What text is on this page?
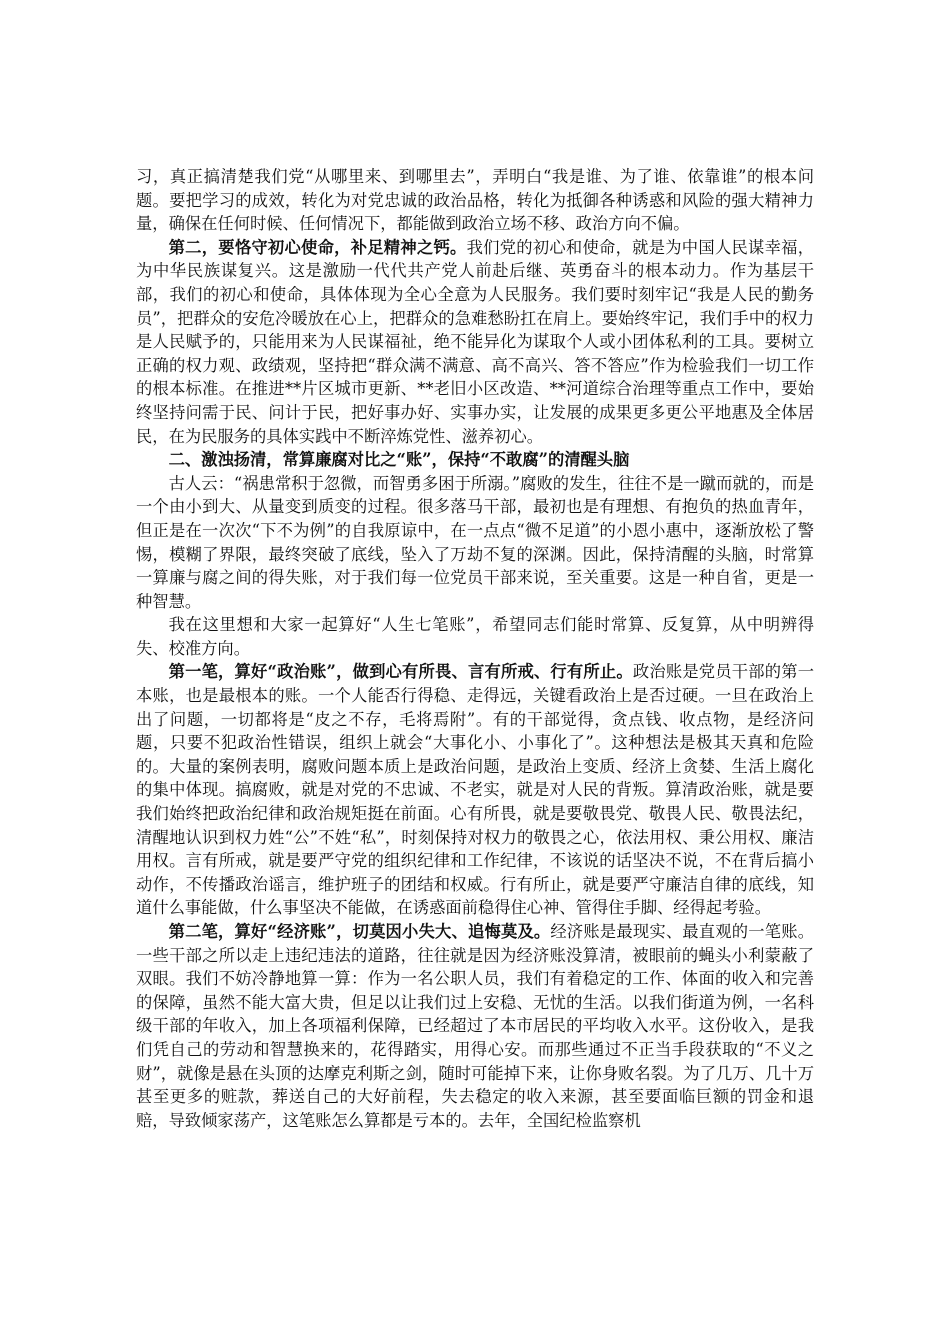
习，真正搞清楚我们党“从哪里来、到哪里去”，弄明白“我是谁、为了谁、依靠谁”的根本问题。要把学习的成效，转化为对党忠诚的政治品格，转化为抵御各种诱惑和风险的强大精神力量，确保在任何时候、任何情况下，都能做到政治立场不移、政治方向不偏。

第二，要恪守初心使命，补足精神之钙。我们党的初心和使命，就是为中国人民谋幸福，为中华民族谋复兴。这是激励一代代共产党人前赴后继、英勇奋斗的根本动力。作为基层干部，我们的初心和使命，具体体现为全心全意为人民服务。我们要时刻牢记“我是人民的勤务员”，把群众的安危冷暖放在心上，把群众的急难愁盼扛在肩上。要始终牢记，我们手中的权力是人民赋予的，只能用来为人民谋福祉，绝不能异化为谋取个人或小团体私利的工具。要树立正确的权力观、政绩观，坚持把“群众满不满意、高不高兴、答不答应”作为检验我们一切工作的根本标准。在推进**片区城市更新、**老旧小区改造、**河道综合治理等重点工作中，要始终坚持问需于民、问计于民，把好事办好、实事办实，让发展的成果更多更公平地惠及全体居民，在为民服务的具体实践中不断淬炼党性、滋养初心。

二、激浊扬清，常算廉腐对比之“账”，保持“不敢腐”的清醒头脑

古人云：“祸患常积于忽微，而智勇多困于所溺。”腐败的发生，往往不是一蹴而就的，而是一个由小到大、从量变到质变的过程。很多落马干部，最初也是有理想、有抱负的热血青年，但正是在一次次“下不为例”的自我原谅中，在一点点“微不足道”的小恩小惠中，逐渐放松了警惕，模糊了界限，最终突破了底线，坠入了万劫不复的深渊。因此，保持清醒的头脑，时常算一算廉与腐之间的得失账，对于我们每一位党员干部来说，至关重要。这是一种自省，更是一种智慧。

我在这里想和大家一起算好“人生七笔账”，希望同志们能时常算、反复算，从中明辨得失、校准方向。

第一笔，算好“政治账”，做到心有所畏、言有所戒、行有所止。政治账是党员干部的第一本账，也是最根本的账。一个人能否行得稳、走得远，关键看政治上是否过硬。一旦在政治上出了问题，一切都将是“皮之不存，毛将焉附”。有的干部觉得，贪点钱、收点物，是经济问题，只要不犯政治性错误，组织上就会“大事化小、小事化了”。这种想法是极其天真和危险的。大量的案例表明，腐败问题本质上是政治问题，是政治上变质、经济上贪婪、生活上腐化的集中体现。搞腐败，就是对党的不忠诚、不老实，就是对人民的背叛。算清政治账，就是要我们始终把政治纪律和政治规矩挺在前面。心有所畏，就是要敬畏党、敬畏人民、敬畏法纪，清醒地认识到权力姓“公”不姓“私”，时刻保持对权力的敬畏之心，依法用权、秉公用权、廉洁用权。言有所戒，就是要严守党的组织纪律和工作纪律，不该说的话坚决不说，不在背后搞小动作，不传播政治谣言，维护班子的团结和权威。行有所止，就是要严守廉洁自律的底线，知道什么事能做，什么事坚决不能做，在诱惑面前稳得住心神、管得住手脚、经得起考验。

第二笔，算好“经济账”，切莫因小失大、追悔莫及。经济账是最现实、最直观的一笔账。一些干部之所以走上违纪违法的道路，往往就是因为经济账没算清，被眼前的蝇头小利蒙蔽了双眼。我们不妨冷静地算一算：作为一名公职人员，我们有着稳定的工作、体面的收入和完善的保障，虽然不能大富大贵，但足以让我们过上安稳、无忧的生活。以我们街道为例，一名科级干部的年收入，加上各项福利保障，已经超过了本市居民的平均收入水平。这份收入，是我们凭自己的劳动和智慧换来的，花得踏实，用得心安。而那些通过不正当手段获取的“不义之财”，就像是悬在头顶的达摩克利斯之剑，随时可能掉下来，让你身败名裂。为了几万、几十万甚至更多的赃款，葬送自己的大好前程，失去稳定的收入来源，甚至要面临巨额的罚金和退赔，导致倾家荡产，这笔账怎么算都是亏本的。去年，全国纪检监察机
